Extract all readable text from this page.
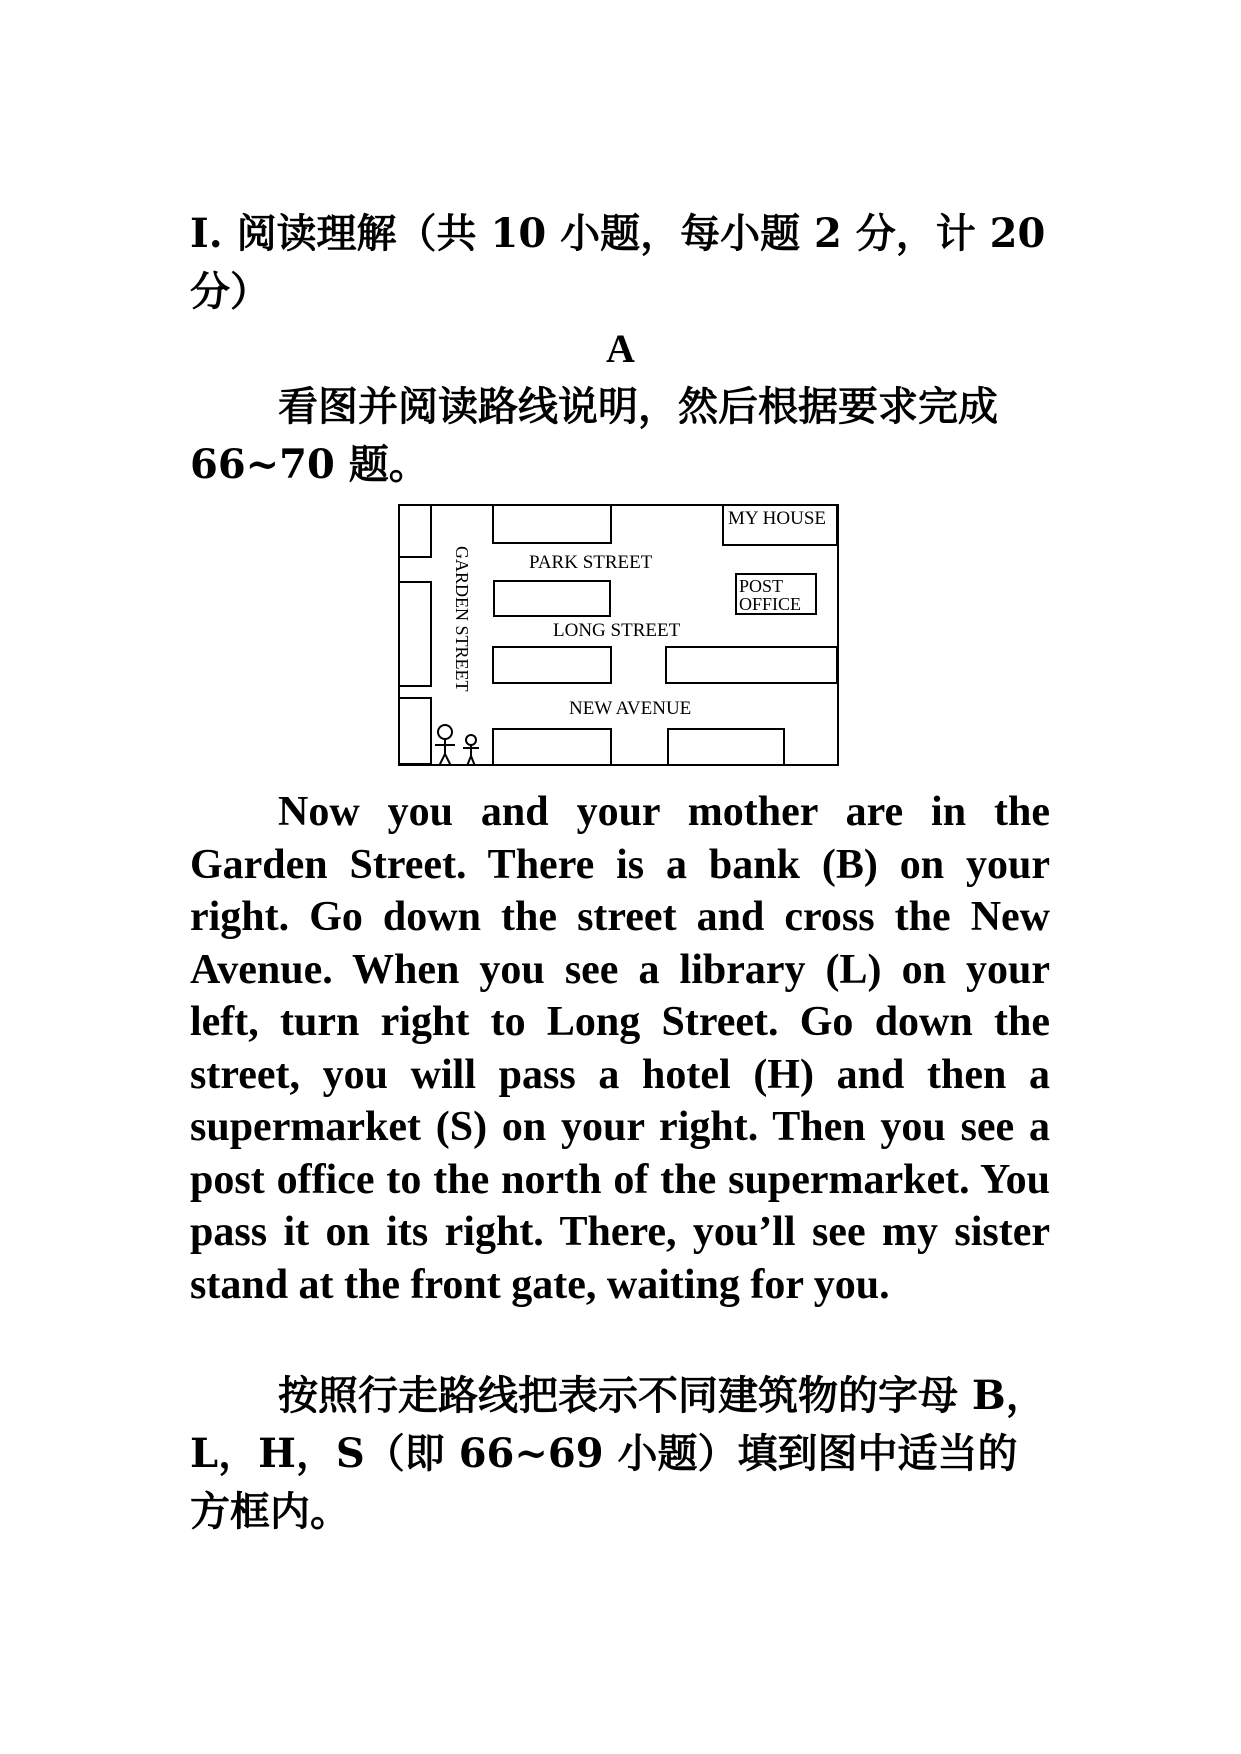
I. 阅读理解（共 10 小题，每小题 2 分，计 20 分）
A
看图并阅读路线说明，然后根据要求完成 66~70 题。
MY HOUSE
PARK STREET
POST
OFFICE
LONG STREET
NEW AVENUE
GARDEN STREET
Now you and your mother are in the Garden Street. There is a bank (B) on your right. Go down the street and cross the New Avenue. When you see a library (L) on your left, turn right to Long Street. Go down the street, you will pass a hotel (H) and then a supermarket (S) on your right. Then you see a post office to the north of the supermarket. You pass it on its right. There, you’ll see my sister stand at the front gate, waiting for you.
按照行走路线把表示不同建筑物的字母 B，L，H，S（即 66~69 小题）填到图中适当的方框内。
